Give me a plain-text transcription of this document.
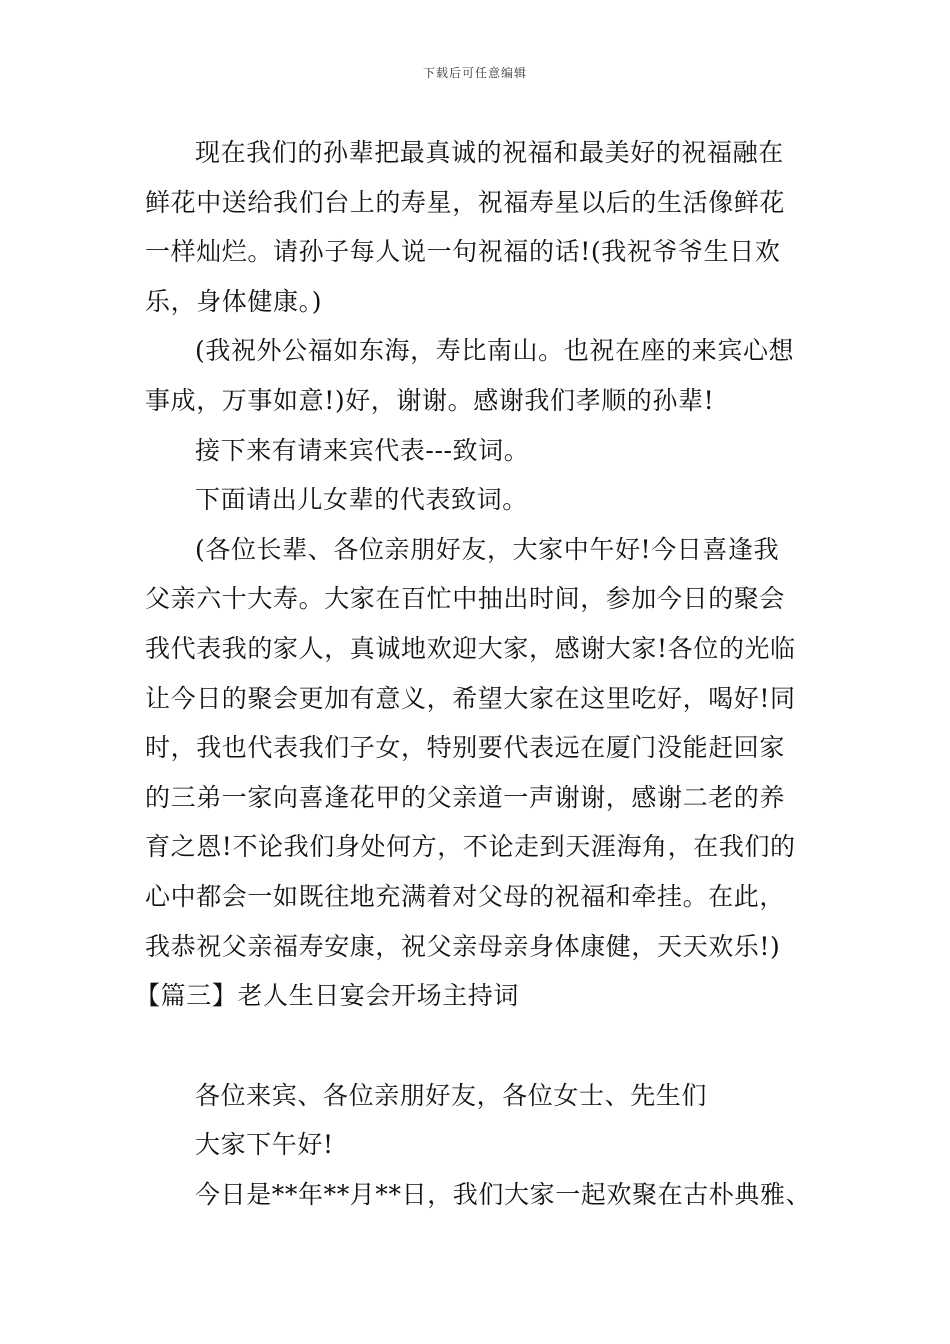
下载后可任意编辑

现在我们的孙辈把最真诚的祝福和最美好的祝福融在
鲜花中送给我们台上的寿星，祝福寿星以后的生活像鲜花
一样灿烂。请孙子每人说一句祝福的话!(我祝爷爷生日欢
乐，身体健康。)

(我祝外公福如东海，寿比南山。也祝在座的来宾心想
事成，万事如意!)好，谢谢。感谢我们孝顺的孙辈!

接下来有请来宾代表---致词。

下面请出儿女辈的代表致词。

(各位长辈、各位亲朋好友，大家中午好!今日喜逢我
父亲六十大寿。大家在百忙中抽出时间，参加今日的聚会
我代表我的家人，真诚地欢迎大家，感谢大家!各位的光临
让今日的聚会更加有意义，希望大家在这里吃好，喝好!同
时，我也代表我们子女，特别要代表远在厦门没能赶回家
的三弟一家向喜逢花甲的父亲道一声谢谢，感谢二老的养
育之恩!不论我们身处何方，不论走到天涯海角，在我们的
心中都会一如既往地充满着对父母的祝福和牵挂。在此，
我恭祝父亲福寿安康，祝父亲母亲身体康健，天天欢乐!)

【篇三】老人生日宴会开场主持词

各位来宾、各位亲朋好友，各位女士、先生们

大家下午好!

今日是**年**月**日，我们大家一起欢聚在古朴典雅、
